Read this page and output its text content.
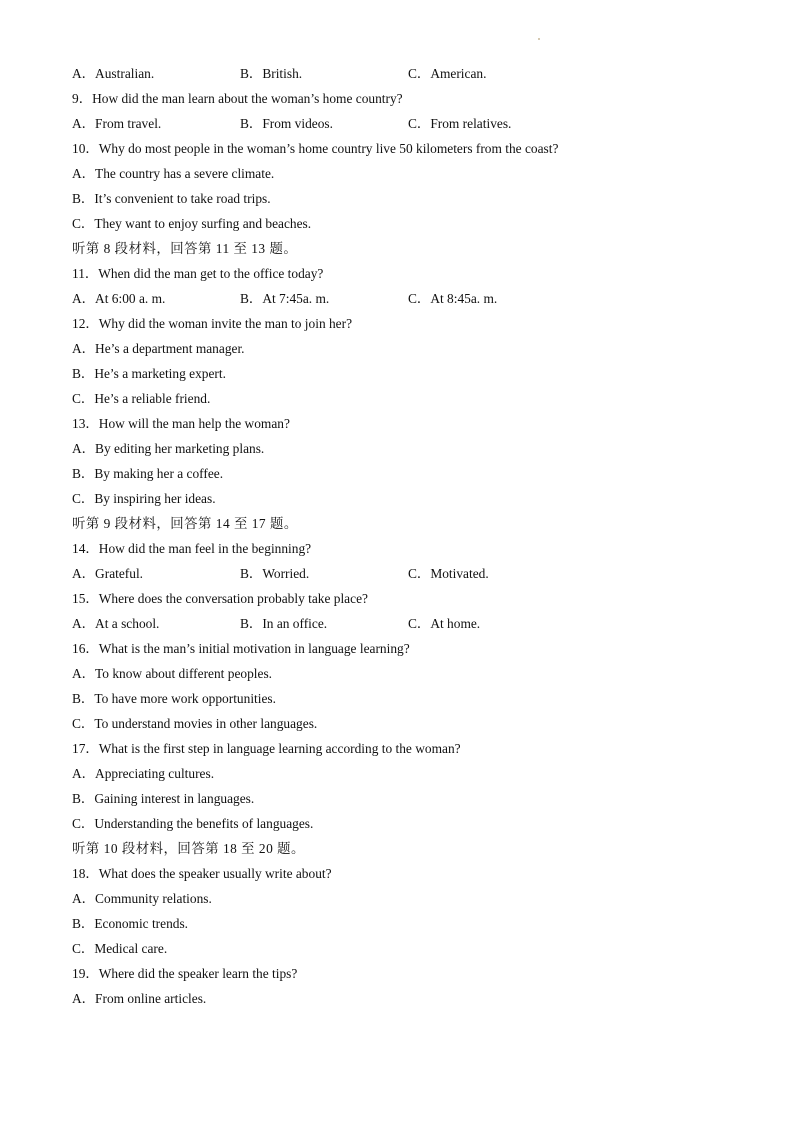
A．Australian.	B．British.	C．American.
9．How did the man learn about the woman’s home country?
A．From travel.	B．From videos.	C．From relatives.
10．Why do most people in the woman’s home country live 50 kilometers from the coast?
A．The country has a severe climate.
B．It’s convenient to take road trips.
C．They want to enjoy surfing and beaches.
听第 8 段材料，回答第 11 至 13 题。
11．When did the man get to the office today?
A．At 6:00 a. m.	B．At 7:45a. m.	C．At 8:45a. m.
12．Why did the woman invite the man to join her?
A．He’s a department manager.
B．He’s a marketing expert.
C．He’s a reliable friend.
13．How will the man help the woman?
A．By editing her marketing plans.
B．By making her a coffee.
C．By inspiring her ideas.
听第 9 段材料，回答第 14 至 17 题。
14．How did the man feel in the beginning?
A．Grateful.	B．Worried.	C．Motivated.
15．Where does the conversation probably take place?
A．At a school.	B．In an office.	C．At home.
16．What is the man’s initial motivation in language learning?
A．To know about different peoples.
B．To have more work opportunities.
C．To understand movies in other languages.
17．What is the first step in language learning according to the woman?
A．Appreciating cultures.
B．Gaining interest in languages.
C．Understanding the benefits of languages.
听第 10 段材料，回答第 18 至 20 题。
18．What does the speaker usually write about?
A．Community relations.
B．Economic trends.
C．Medical care.
19．Where did the speaker learn the tips?
A．From online articles.
